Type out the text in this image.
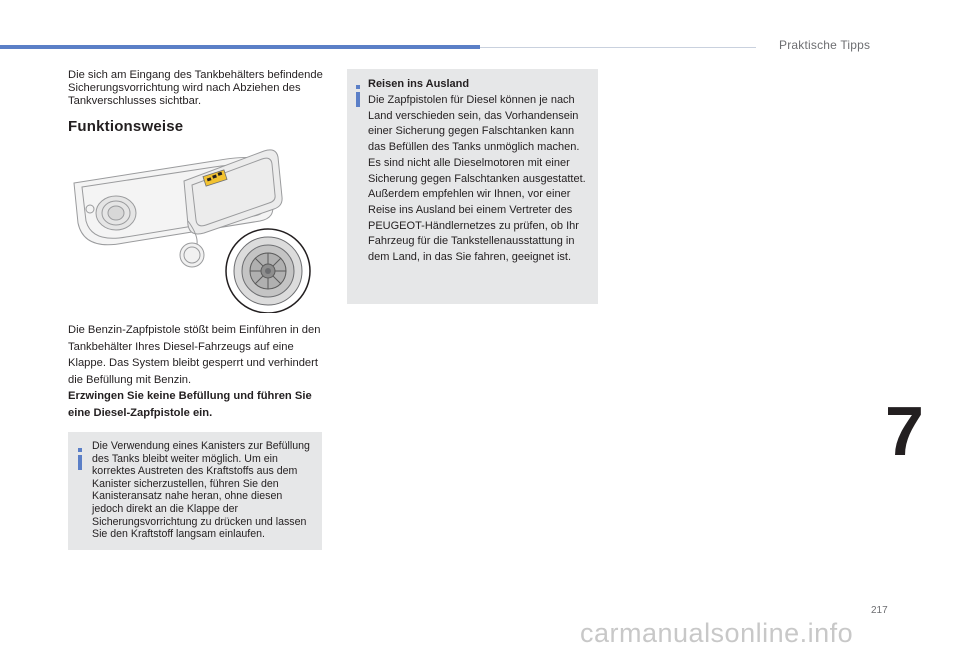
Praktische Tipps

Die sich am Eingang des Tankbehälters befindende Sicherungsvorrichtung wird nach Abziehen des Tankverschlusses sichtbar.

Funktionsweise

Die Benzin-Zapfpistole stößt beim Einführen in den Tankbehälter Ihres Diesel-Fahrzeugs auf eine Klappe. Das System bleibt gesperrt und verhindert die Befüllung mit Benzin.
Erzwingen Sie keine Befüllung und führen Sie eine Diesel-Zapfpistole ein.

Die Verwendung eines Kanisters zur Befüllung des Tanks bleibt weiter möglich. Um ein korrektes Austreten des Kraftstoffs aus dem Kanister sicherzustellen, führen Sie den Kanisteransatz nahe heran, ohne diesen jedoch direkt an die Klappe der Sicherungsvorrichtung zu drücken und lassen Sie den Kraftstoff langsam einlaufen.

Reisen ins Ausland

Die Zapfpistolen für Diesel können je nach Land verschieden sein, das Vorhandensein einer Sicherung gegen Falschtanken kann das Befüllen des Tanks unmöglich machen.
Es sind nicht alle Dieselmotoren mit einer Sicherung gegen Falschtanken ausgestattet. Außerdem empfehlen wir Ihnen, vor einer Reise ins Ausland bei einem Vertreter des PEUGEOT-Händlernetzes zu prüfen, ob Ihr Fahrzeug für die Tankstellenausstattung in dem Land, in das Sie fahren, geeignet ist.

7
217
carmanualsonline.info
